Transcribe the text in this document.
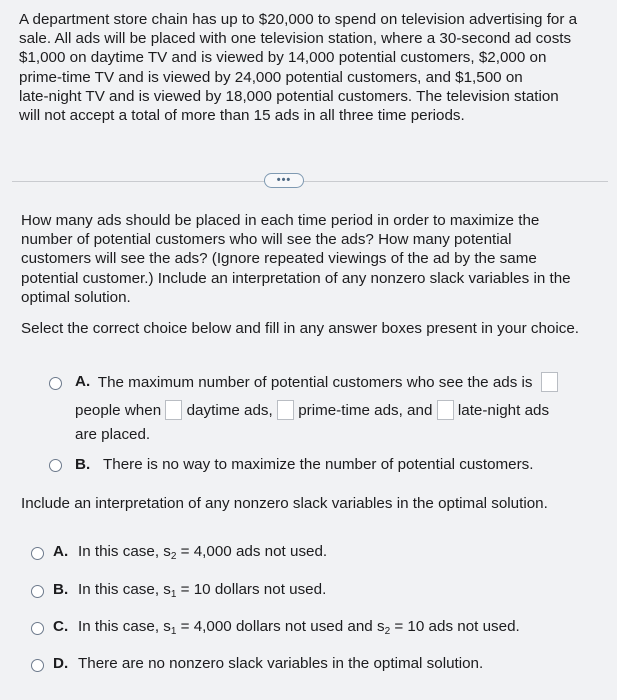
A department store chain has up to $20,000 to spend on television advertising for a
sale. All ads will be placed with one television station, where a 30-second ad costs
$1,000 on daytime TV and is viewed by 14,000 potential customers, $2,000 on
prime-time TV and is viewed by 24,000 potential customers, and $1,500 on
late-night TV and is viewed by 18,000 potential customers. The television station
will not accept a total of more than 15 ads in all three time periods.
•••
How many ads should be placed in each time period in order to maximize the
number of potential customers who will see the ads? How many potential
customers will see the ads? (Ignore repeated viewings of the ad by the same
potential customer.) Include an interpretation of any nonzero slack variables in the
optimal solution.
Select the correct choice below and fill in any answer boxes present in your choice.
A. The maximum number of potential customers who see the ads is
people when daytime ads, prime-time ads, and late-night ads
are placed.
B. There is no way to maximize the number of potential customers.
Include an interpretation of any nonzero slack variables in the optimal solution.
A. In this case, $s_2 = 4,000$ ads not used.
B. In this case, $s_1 = 10$ dollars not used.
C. In this case, $s_1 = 4,000$ dollars not used and $s_2 = 10$ ads not used.
D. There are no nonzero slack variables in the optimal solution.
